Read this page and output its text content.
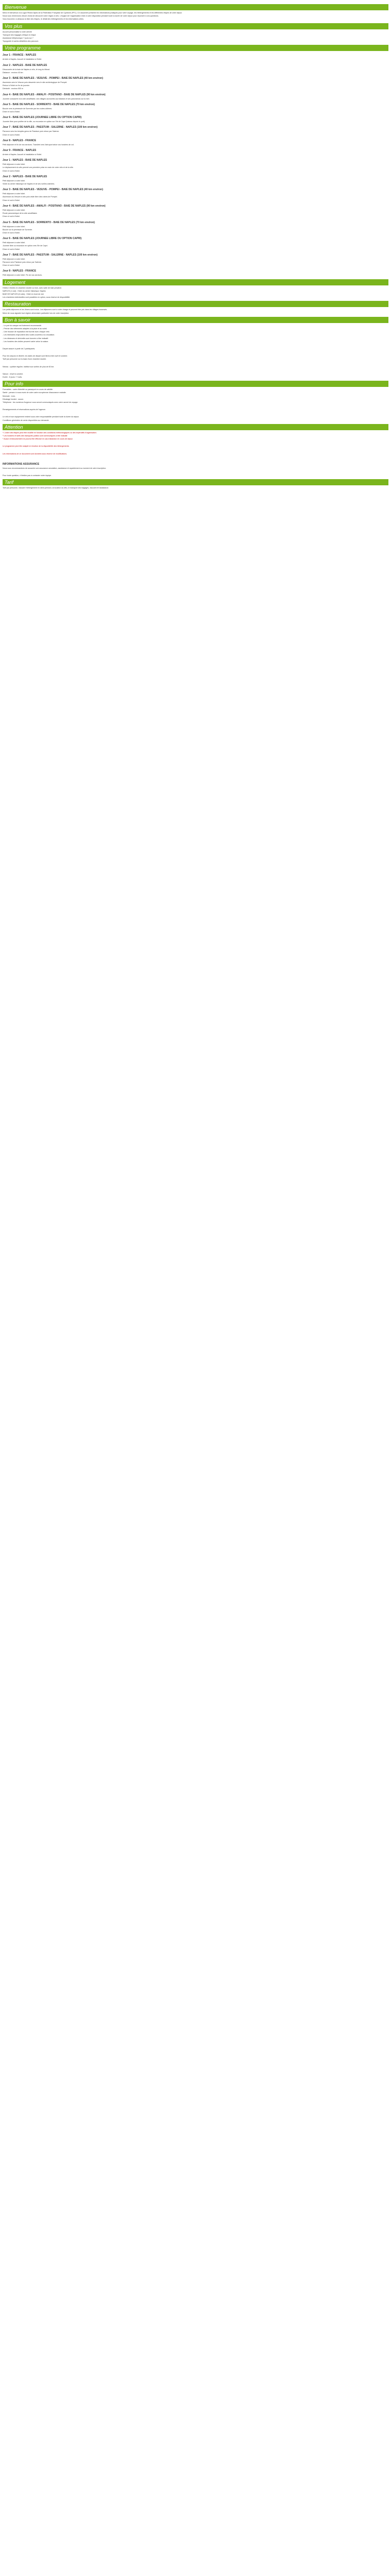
Bienvenue

Merci et bienvenue à la Ligue Rhône Alpes de la Fédération Française de Cyclisme (FFC). Ce document présente les informations pratiques pour votre voyage, les hébergements et les différentes étapes de votre séjour.

Nous vous remercions d'avoir choisi de découvrir notre région à vélo. L'équipe de l'organisation reste à votre disposition pendant toute la durée de votre séjour pour répondre à vos questions.

Vous trouverez ci-dessous la liste des étapes, le détail des hébergements et les informations utiles.

Vos plus

Accueil personnalisé à votre arrivée

Transport des bagages d'étape en étape

Assistance téléphonique 7 jours sur 7

Topoguide et cartes détaillées des parcours

Votre programme
Jour 1 - FRANCE - NAPLES

Arrivée à Naples. Accueil et installation à l'hôtel.

Jour 2 - NAPLES - BAIE DE NAPLES

Découverte de la baie de Naples à vélo, le long du littoral.

Distance : environ 40 km

Jour 3 - BAIE DE NAPLES - VESUVE - POMPEI - BAIE DE NAPLES (40 km environ)

Ascension vers le Vésuve puis descente vers le site archéologique de Pompéi.

Retour à l'hôtel en fin de journée.

Dénivelé : environ 900 m

Jour 4 - BAIE DE NAPLES - AMALFI - POSITANO - BAIE DE NAPLES (90 km environ)

Journée consacrée à la côte amalfitaine, ses villages accrochés aux falaises et ses panoramas sur la mer.

Jour 5 - BAIE DE NAPLES - SORRENTO - BAIE DE NAPLES (70 km environ)

Boucle vers la péninsule de Sorrente par les routes côtières.

Dîner et nuit à l'hôtel.

Jour 6 - BAIE DE NAPLES (JOURNEE LIBRE OU OPTION CAPRI)

Journée libre pour profiter de la ville, ou excursion en option sur l'île de Capri (bateau depuis le port).

Jour 7 - BAIE DE NAPLES - PAESTUM - SALERNE - NAPLES (100 km environ)

Parcours vers les temples grecs de Paestum puis retour par Salerne.

Dîner et nuit à l'hôtel.

Jour 8 - NAPLES - FRANCE

Petit déjeuner et fin de nos services. Transfert vers l'aéroport selon vos horaires de vol.

Jour 9 - FRANCE - NAPLES

Arrivée à Naples. Accueil et installation à l'hôtel.

Jour 1 - NAPLES - BAIE DE NAPLES

Petit déjeuner à votre hôtel.

Le déplacement du vélo permet une première prise en main de votre vélo et de la ville.

Dîner et nuit à l'hôtel.

Jour 2 - NAPLES - BAIE DE NAPLES

Petit déjeuner à votre hôtel.

Visite du centre historique de Naples et de ses ruelles animées.

Jour 3 - BAIE DE NAPLES - VESUVE - POMPEI - BAIE DE NAPLES (40 km environ)

Petit déjeuner à votre hôtel.

Ascension du Vésuve à vélo puis visite libre des ruines de Pompéi.

Dîner et nuit à l'hôtel.

Jour 4 - BAIE DE NAPLES - AMALFI - POSITANO - BAIE DE NAPLES (90 km environ)

Petit déjeuner à votre hôtel.

Route panoramique de la côte amalfitaine.

Dîner et nuit à l'hôtel.

Jour 5 - BAIE DE NAPLES - SORRENTO - BAIE DE NAPLES (70 km environ)

Petit déjeuner à votre hôtel.

Boucle sur la péninsule de Sorrente.

Dîner et nuit à l'hôtel.

Jour 6 - BAIE DE NAPLES (JOURNEE LIBRE OU OPTION CAPRI)

Petit déjeuner à votre hôtel.

Journée libre ou excursion en option vers l'île de Capri.

Dîner et nuit à l'hôtel.

Jour 7 - BAIE DE NAPLES - PAESTUM - SALERNE - NAPLES (100 km environ)

Petit déjeuner à votre hôtel.

Parcours vers Paestum puis retour par Salerne.

Dîner et nuit à l'hôtel.

Jour 8 - NAPLES - FRANCE

Petit déjeuner à votre hôtel. Fin de nos services.

Logement

Hôtels 3 étoiles en chambre double ou twin, avec salle de bain privative.

NAPLES (1 nuit) : Hôtel du centre historique, Naples

BAIE DE NAPLES (6 nuits) : Hôtel en bord de mer

Les chambres individuelles sont possibles en option, sous réserve de disponibilité.

Restauration

Les petits déjeuners et les dîners sont inclus. Les déjeuners sont à votre charge et peuvent être pris dans les villages traversés.

Merci de nous signaler tout régime alimentaire particulier lors de votre inscription.

Bon à savoir

- Le port du casque est fortement recommandé.

- Prévoir des vêtements adaptés à la pluie et au soleil.

- Une trousse de réparation est fournie avec chaque vélo.

- Les itinéraires empruntent des routes ouvertes à la circulation.

- Les distances et dénivelés sont donnés à titre indicatif.

- Les horaires des visites peuvent varier selon la saison.

Départ assuré à partir de 2 participants.

Pour les séjours en liberté, les dates de départ sont libres entre avril et octobre.

Tarif par personne sur la base d'une chambre double.

Niveau : cycliste régulier, habitué aux sorties de plus de 60 km.

Saison : d'avril à octobre.

Durée : 8 jours / 7 nuits.

Pour info

Formalités : carte d'identité ou passeport en cours de validité.

Santé : pensez à vous munir de votre carte européenne d'assurance maladie.

Monnaie : euro.

Décalage horaire : aucun.

Téléphone : les numéros d'urgence vous seront communiqués avec votre carnet de voyage.

Renseignements et réservations auprès de l'agence.

Le vélo et son équipement restent sous votre responsabilité pendant toute la durée du séjour.

Conditions générales de vente disponibles sur demande.

Attention

* L'ordre des étapes peut être modifié en fonction des conditions météorologiques ou des impératifs d'organisation.

* Les horaires et tarifs des transports publics sont communiqués à titre indicatif.

* Aucun remboursement ne pourra être effectué en cas d'abandon en cours de séjour.

Le programme peut être adapté en fonction de la disponibilité des hébergements.

Les informations de ce document sont données sous réserve de modifications.

INFORMATIONS ASSURANCE

Nous vous recommandons de souscrire une assurance annulation, assistance et rapatriement au moment de votre inscription.

Pour toute question, n'hésitez pas à contacter notre équipe.

Tarif

Tarif par personne, incluant l'hébergement en demi-pension, la location du vélo, le transport des bagages, l'accueil et l'assistance.
